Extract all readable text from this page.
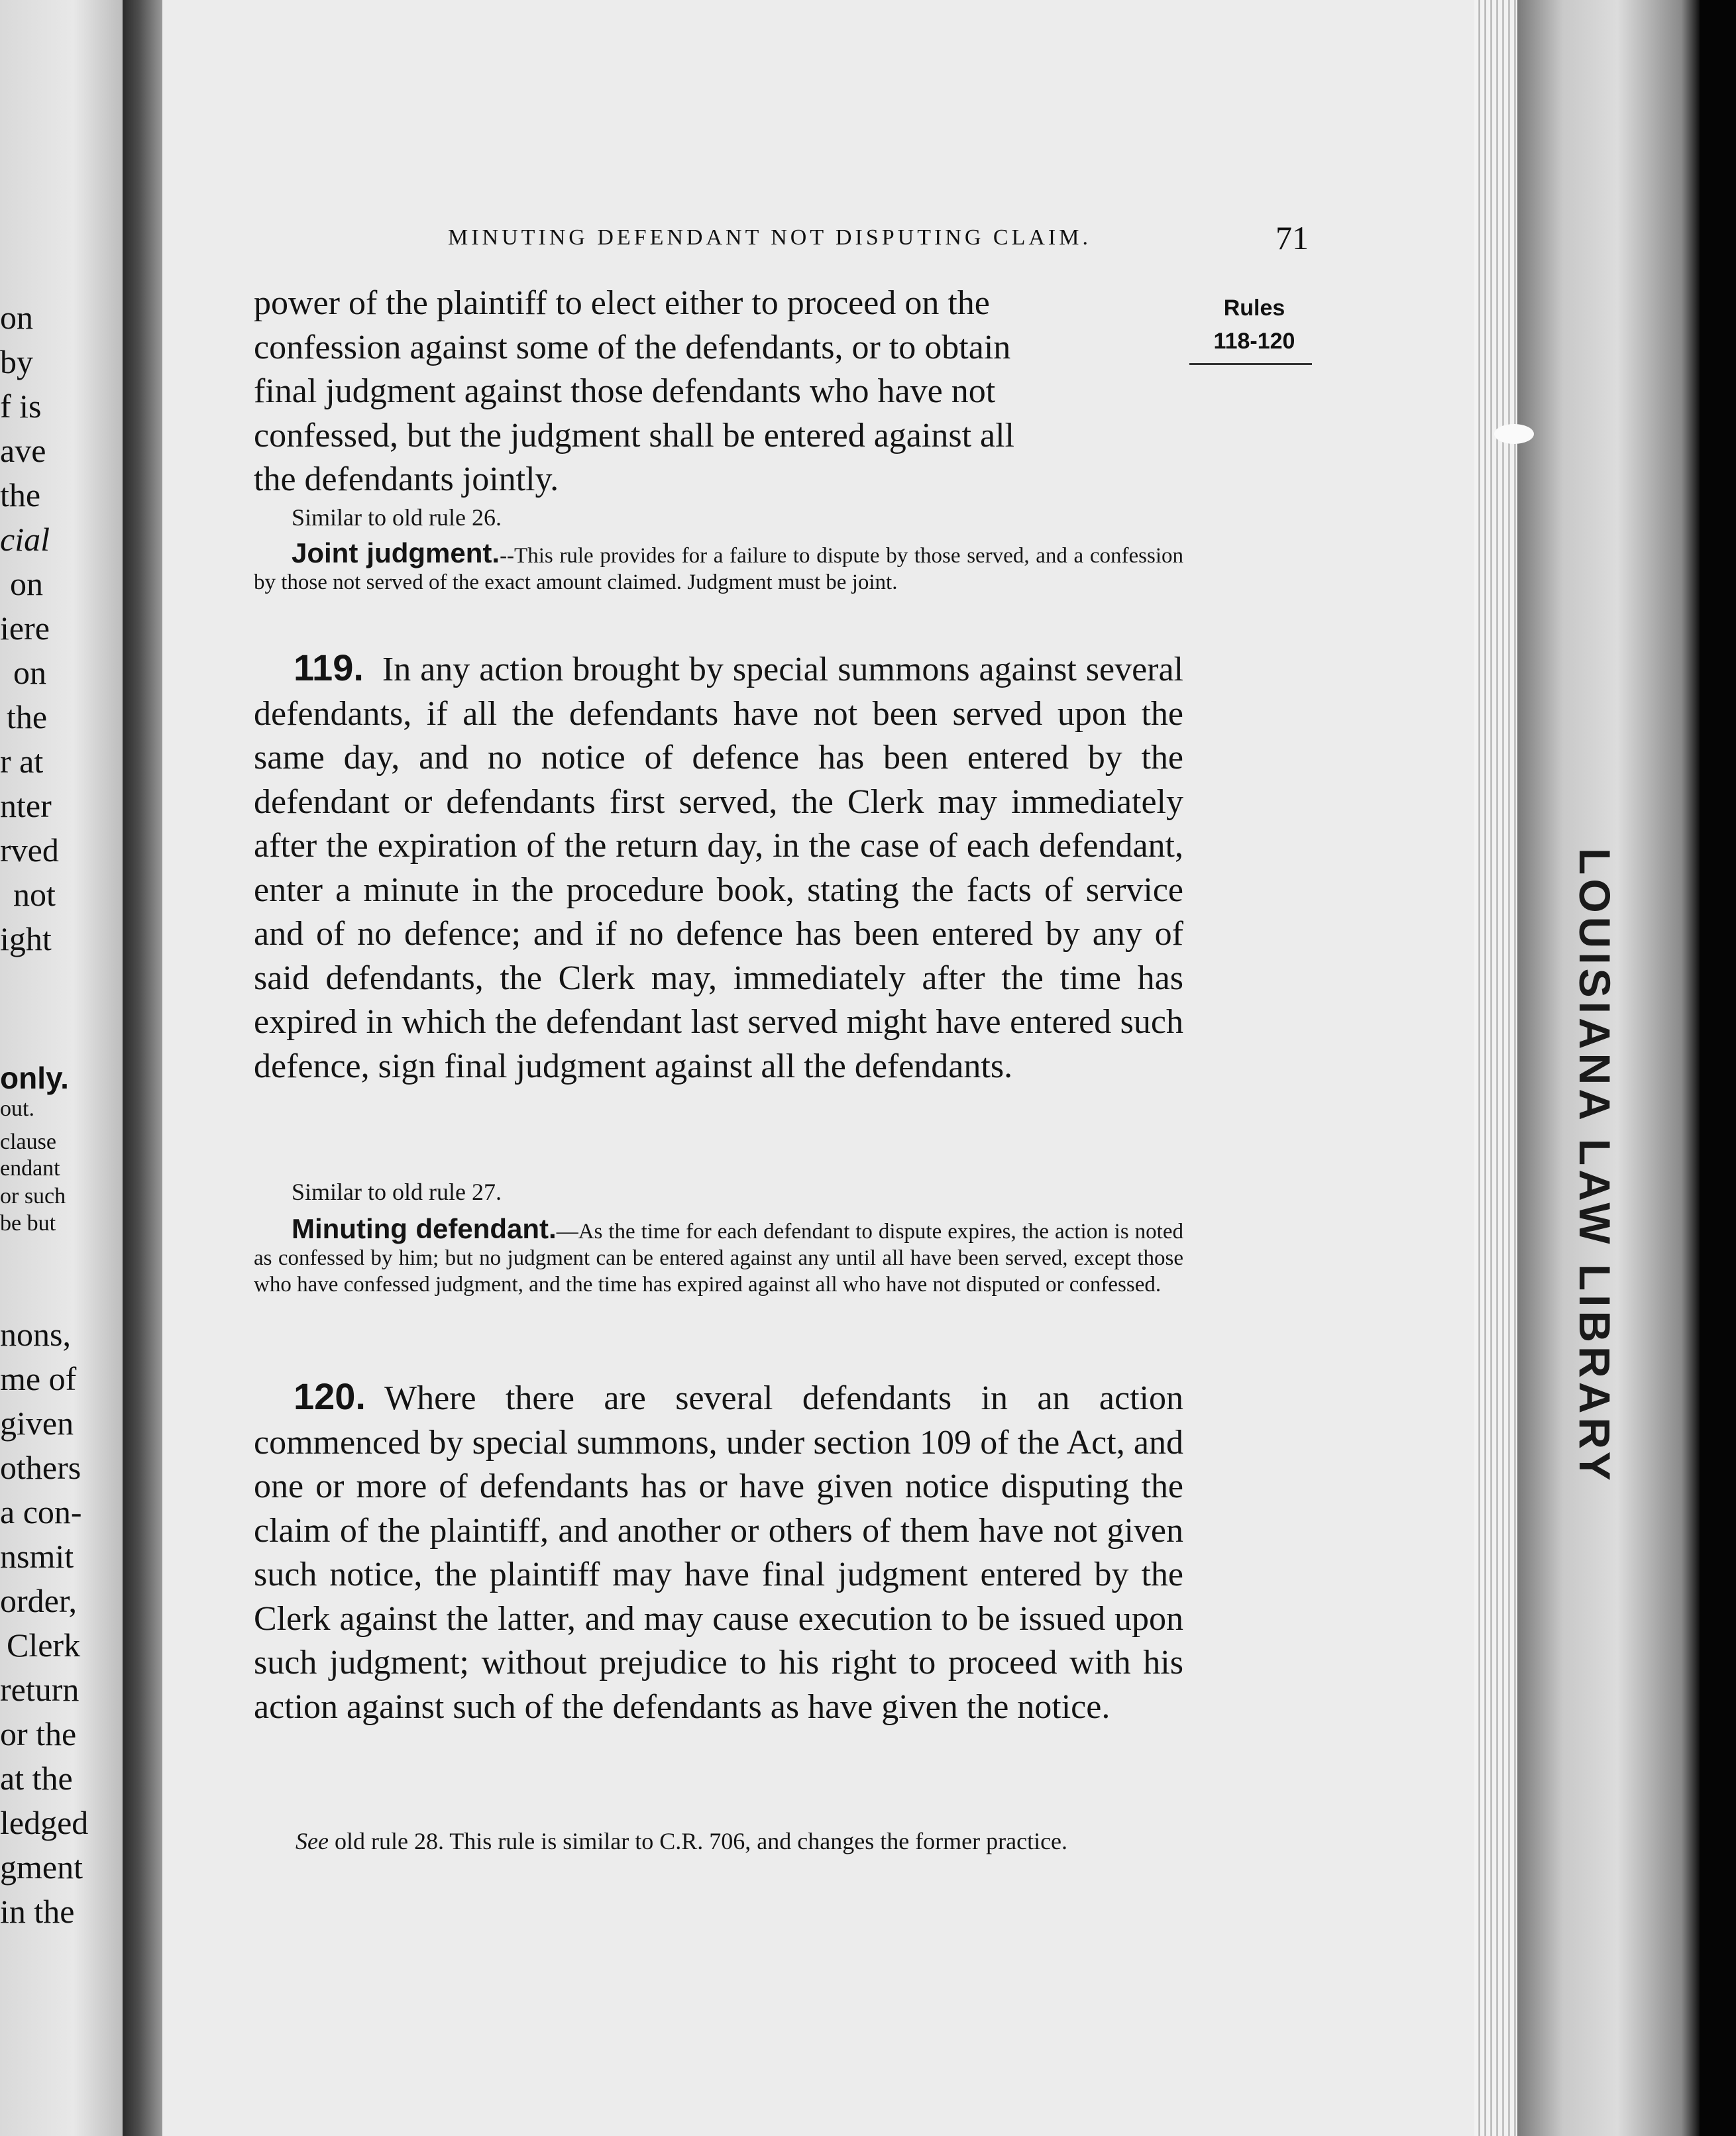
LOUISIANA LAW LIBRARY
on
by
f is
ave
the
cial
on
iere
on
the
r at
nter
rved
not
ight
only.
out.
clause
endant
or such
be but
nons,
me of
given
others
a con-
nsmit
order,
Clerk
return
or the
at the
ledged
gment
in the
MINUTING DEFENDANT NOT DISPUTING CLAIM.	71
Rules
118-120
power of the plaintiff to elect either to proceed on the
confession against some of the defendants, or to obtain
final judgment against those defendants who have not
confessed, but the judgment shall be entered against all
the defendants jointly.
Similar to old rule 26.
Joint judgment.--This rule provides for a failure to dispute by those served, and a confession by those not served of the exact amount claimed. Judgment must be joint.
119. In any action brought by special summons against several defendants, if all the defendants have not been served upon the same day, and no notice of defence has been entered by the defendant or defendants first served, the Clerk may immediately after the expiration of the return day, in the case of each defendant, enter a minute in the procedure book, stating the facts of service and of no defence; and if no defence has been entered by any of said defendants, the Clerk may, immediately after the time has expired in which the defendant last served might have entered such defence, sign final judgment against all the defendants.
Similar to old rule 27.
Minuting defendant.—As the time for each defendant to dispute expires, the action is noted as confessed by him; but no judgment can be entered against any until all have been served, except those who have confessed judgment, and the time has expired against all who have not disputed or confessed.
120. Where there are several defendants in an action commenced by special summons, under section 109 of the Act, and one or more of defendants has or have given notice disputing the claim of the plaintiff, and another or others of them have not given such notice, the plaintiff may have final judgment entered by the Clerk against the latter, and may cause execution to be issued upon such judgment; without prejudice to his right to proceed with his action against such of the defendants as have given the notice.
See old rule 28. This rule is similar to C.R. 706, and changes the former practice.
